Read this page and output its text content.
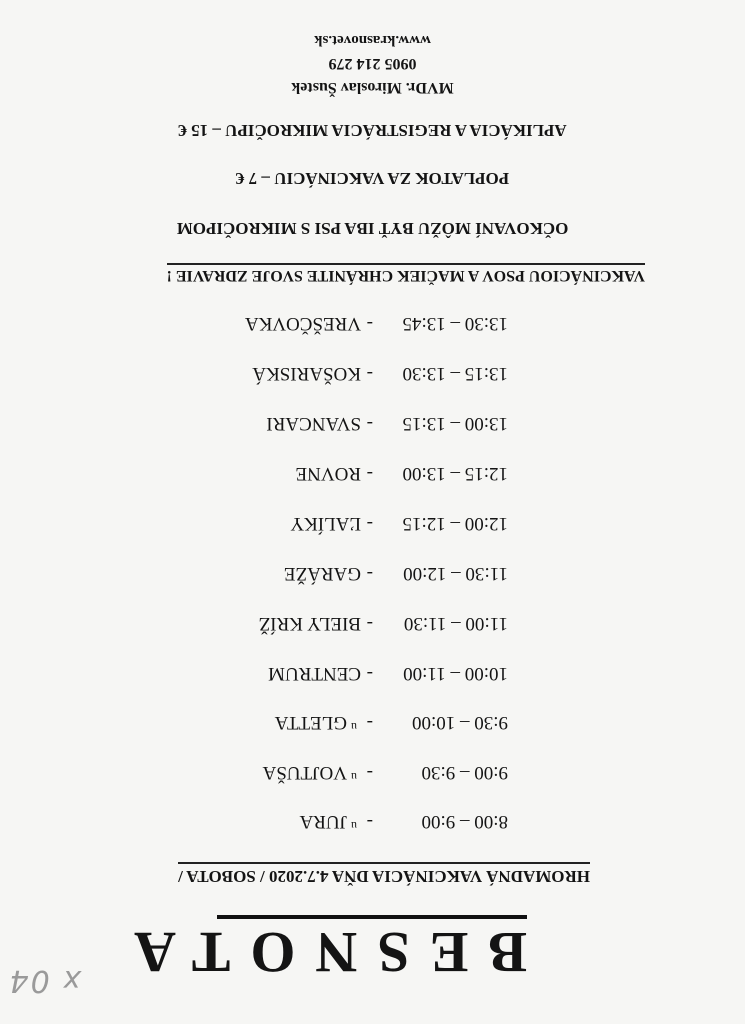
x 04 BESNOTA
HROMADNÁ VAKCINÁCIA DŇA 4.7.2020 / SOBOTA /
8:00 – 9:00-$^u$JURA
9:00 – 9:30-$^u$VOJTUŠA
9:30 – 10:00-$^u$GLETTA
10:00 – 11:00-CENTRUM
11:00 – 11:30-BIELY KRÍŽ
11:30 – 12:00-GARÁŽE
12:00 – 12:15-ĽALÍKY
12:15 – 13:00-ROVNE
13:00 – 13:15-SVANCARI
13:15 – 13:30-KOŠARISKÁ
13:30 – 13:45-VREŠČOVKA
VAKCINÁCIOU PSOV A MAČIEK CHRÁNITE SVOJE ZDRAVIE !
OČKOVANÍ MÔŽU BYŤ IBA PSI S MIKROČIPOM
POPLATOK ZA VAKCINÁCIU – 7 €
APLIKÁCIA A REGISTRÁCIA MIKROČIPU – 15 €
MVDr. Miroslav Šustek
0905 214 279
www.krasnovet.sk
